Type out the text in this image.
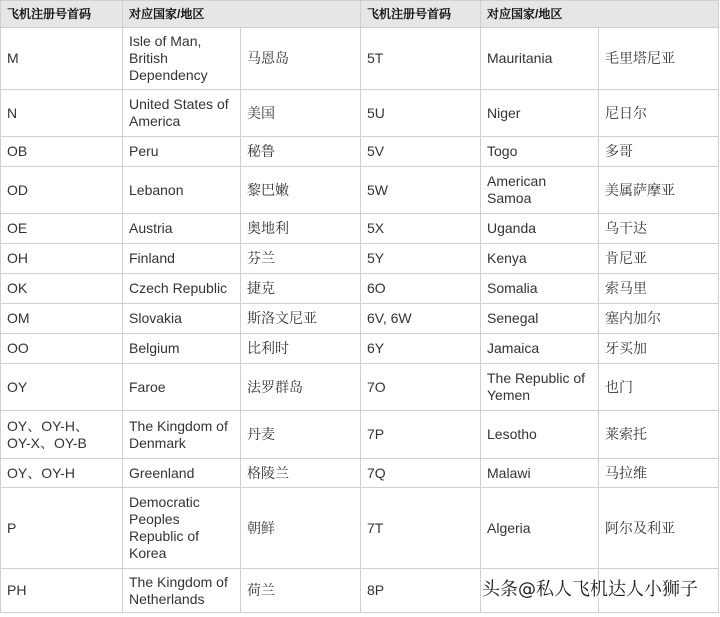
飞机注册号首码	对应国家/地区		飞机注册号首码	对应国家/地区	

M	Isle of Man, British Dependency	马恩岛	5T	Mauritania	毛里塔尼亚

N	United States of America	美国	5U	Niger	尼日尔

OB	Peru	秘鲁	5V	Togo	多哥

OD	Lebanon	黎巴嫩	5W	American Samoa	美属萨摩亚

OE	Austria	奥地利	5X	Uganda	乌干达

OH	Finland	芬兰	5Y	Kenya	肯尼亚

OK	Czech Republic	捷克	6O	Somalia	索马里

OM	Slovakia	斯洛文尼亚	6V, 6W	Senegal	塞内加尔

OO	Belgium	比利时	6Y	Jamaica	牙买加

OY	Faroe	法罗群岛	7O	The Republic of Yemen	也门

OY、OY-H、OY-X、OY-B	The Kingdom of Denmark	丹麦	7P	Lesotho	莱索托

OY、OY-H	Greenland	格陵兰	7Q	Malawi	马拉维

P	Democratic Peoples Republic of Korea	朝鲜	7T	Algeria	阿尔及利亚

PH	The Kingdom of Netherlands	荷兰	8P		

		头条@私人飞机达人小狮子
